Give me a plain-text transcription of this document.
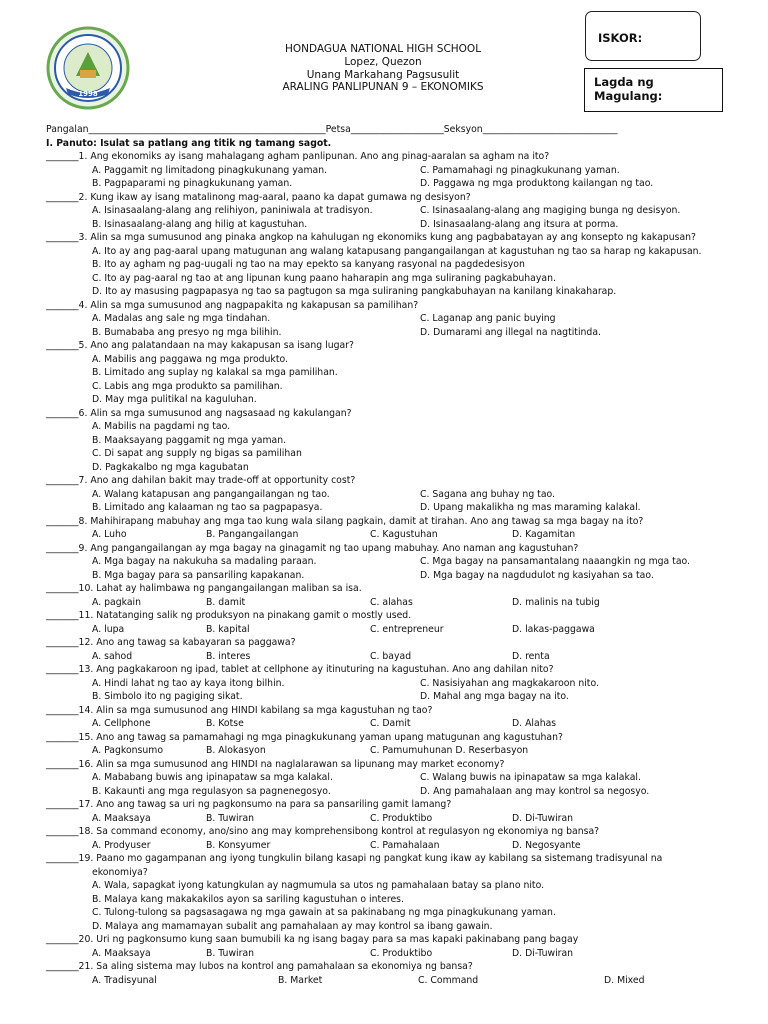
1998
HONDAGUA NATIONAL HIGH SCHOOL
Lopez, Quezon
Unang Markahang Pagsusulit
ARALING PANLIPUNAN 9 – EKONOMIKS
ISKOR:
Lagda ng Magulang:
Pangalan___________________________________________________Petsa____________________Seksyon_____________________________
I. Panuto: Isulat sa patlang ang titik ng tamang sagot.
_______1. Ang ekonomiks ay isang mahalagang agham panlipunan. Ano ang pinag-aaralan sa agham na ito?
A. Paggamit ng limitadong pinagkukunang yaman.	C. Pamamahagi ng pinagkukunang yaman.
B. Pagpaparami ng pinagkukunang yaman.	D. Paggawa ng mga produktong kailangan ng tao.
_______2. Kung ikaw ay isang matalinong mag-aaral, paano ka dapat gumawa ng desisyon?
A. Isinasaalang-alang ang relihiyon, paniniwala at tradisyon.	C. Isinasaalang-alang ang magiging bunga ng desisyon.
B. Isinasaalang-alang ang hilig at kagustuhan.	D. Isinasaalang-alang ang itsura at porma.
_______3. Alin sa mga sumusunod ang pinaka angkop na kahulugan ng ekonomiks kung ang pagbabatayan ay ang konsepto ng kakapusan?
A. Ito ay ang pag-aaral upang matugunan ang walang katapusang pangangailangan at kagustuhan ng tao sa harap ng kakapusan.
B. Ito ay agham ng pag-uugali ng tao na may epekto sa kanyang rasyonal na pagdedesisyon
C. Ito ay pag-aaral ng tao at ang lipunan kung paano haharapin ang mga suliraning pagkabuhayan.
D. Ito ay masusing pagpapasya ng tao sa pagtugon sa mga suliraning pangkabuhayan na kanilang kinakaharap.
_______4. Alin sa mga sumusunod ang nagpapakita ng kakapusan sa pamilihan?
A. Madalas ang sale ng mga tindahan.	C. Laganap ang panic buying
B. Bumababa ang presyo ng mga bilihin.	D. Dumarami ang illegal na nagtitinda.
_______5. Ano ang palatandaan na may kakapusan sa isang lugar?
A. Mabilis ang paggawa ng mga produkto.
B. Limitado ang suplay ng kalakal sa mga pamilihan.
C. Labis ang mga produkto sa pamilihan.
D. May mga pulitikal na kaguluhan.
_______6. Alin sa mga sumusunod ang nagsasaad ng kakulangan?
A. Mabilis na pagdami ng tao.
B. Maaksayang paggamit ng mga yaman.
C. Di sapat ang supply ng bigas sa pamilihan
D. Pagkakalbo ng mga kagubatan
_______7. Ano ang dahilan bakit may trade-off at opportunity cost?
A. Walang katapusan ang pangangailangan ng tao.	C. Sagana ang buhay ng tao.
B. Limitado ang kalaaman ng tao sa pagpapasya.	D. Upang makalikha ng mas maraming kalakal.
_______8. Mahihirapang mabuhay ang mga tao kung wala silang pagkain, damit at tirahan. Ano ang tawag sa mga bagay na ito?
A. Luho	B. Pangangailangan	C. Kagustuhan	D. Kagamitan
_______9. Ang pangangailangan ay mga bagay na ginagamit ng tao upang mabuhay. Ano naman ang kagustuhan?
A. Mga bagay na nakukuha sa madaling paraan.	C. Mga bagay na pansamantalang naaangkin ng mga tao.
B. Mga bagay para sa pansariling kapakanan.	D. Mga bagay na nagdudulot ng kasiyahan sa tao.
_______10. Lahat ay halimbawa ng pangangailangan maliban sa isa.
A. pagkain	B. damit	C. alahas	D. malinis na tubig
_______11. Natatanging salik ng produksyon na pinakang gamit o mostly used.
A. lupa	B. kapital	C. entrepreneur	D. lakas-paggawa
_______12. Ano ang tawag sa kabayaran sa paggawa?
A. sahod	B. interes	C. bayad	D. renta
_______13. Ang pagkakaroon ng ipad, tablet at cellphone ay itinuturing na kagustuhan. Ano ang dahilan nito?
A. Hindi lahat ng tao ay kaya itong bilhin.	C. Nasisiyahan ang magkakaroon nito.
B. Simbolo ito ng pagiging sikat.	D. Mahal ang mga bagay na ito.
_______14. Alin sa mga sumusunod ang HINDI kabilang sa mga kagustuhan ng tao?
A. Cellphone	B. Kotse	C. Damit	D. Alahas
_______15. Ano ang tawag sa pamamahagi ng mga pinagkukunang yaman upang matugunan ang kagustuhan?
A. Pagkonsumo	B. Alokasyon	C. Pamumuhunan D. Reserbasyon
_______16. Alin sa mga sumusunod ang HINDI na naglalarawan sa lipunang may market economy?
A. Mababang buwis ang ipinapataw sa mga kalakal.	C. Walang buwis na ipinapataw sa mga kalakal.
B. Kakaunti ang mga regulasyon sa pagnenegosyo.	D. Ang pamahalaan ang may kontrol sa negosyo.
_______17. Ano ang tawag sa uri ng pagkonsumo na para sa pansariling gamit lamang?
A. Maaksaya	B. Tuwiran	C. Produktibo	D. Di-Tuwiran
_______18. Sa command economy, ano/sino ang may komprehensibong kontrol at regulasyon ng ekonomiya ng bansa?
A. Prodyuser	B. Konsyumer	C. Pamahalaan	D. Negosyante
_______19. Paano mo gagampanan ang iyong tungkulin bilang kasapi ng pangkat kung ikaw ay kabilang sa sistemang tradisyunal na
ekonomiya?
A. Wala, sapagkat iyong katungkulan ay nagmumula sa utos ng pamahalaan batay sa plano nito.
B. Malaya kang makakakilos ayon sa sariling kagustuhan o interes.
C. Tulong-tulong sa pagsasagawa ng mga gawain at sa pakinabang ng mga pinagkukunang yaman.
D. Malaya ang mamamayan subalit ang pamahalaan ay may kontrol sa ibang gawain.
_______20. Uri ng pagkonsumo kung saan bumubili ka ng isang bagay para sa mas kapaki pakinabang pang bagay
A. Maaksaya	B. Tuwiran	C. Produktibo	D. Di-Tuwiran
_______21. Sa aling sistema may lubos na kontrol ang pamahalaan sa ekonomiya ng bansa?
A. Tradisyunal	B. Market	C. Command	D. Mixed
